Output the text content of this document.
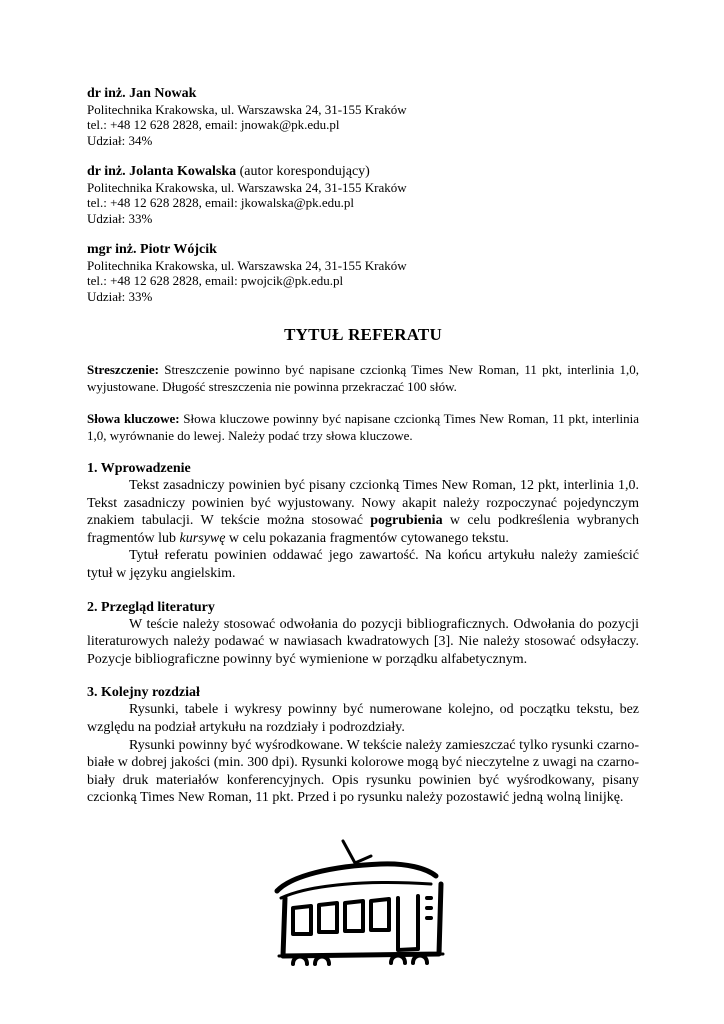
dr inż. Jan Nowak
Politechnika Krakowska, ul. Warszawska 24, 31-155 Kraków
tel.: +48 12 628 2828, email: jnowak@pk.edu.pl
Udział: 34%
dr inż. Jolanta Kowalska (autor korespondujący)
Politechnika Krakowska, ul. Warszawska 24, 31-155 Kraków
tel.: +48 12 628 2828, email: jkowalska@pk.edu.pl
Udział: 33%
mgr inż. Piotr Wójcik
Politechnika Krakowska, ul. Warszawska 24, 31-155 Kraków
tel.: +48 12 628 2828, email: pwojcik@pk.edu.pl
Udział: 33%
TYTUŁ REFERATU
Streszczenie: Streszczenie powinno być napisane czcionką Times New Roman, 11 pkt, interlinia 1,0, wyjustowane. Długość streszczenia nie powinna przekraczać 100 słów.
Słowa kluczowe: Słowa kluczowe powinny być napisane czcionką Times New Roman, 11 pkt, interlinia 1,0, wyrównanie do lewej. Należy podać trzy słowa kluczowe.
1. Wprowadzenie

Tekst zasadniczy powinien być pisany czcionką Times New Roman, 12 pkt, interlinia 1,0. Tekst zasadniczy powinien być wyjustowany. Nowy akapit należy rozpoczynać pojedynczym znakiem tabulacji. W tekście można stosować pogrubienia w celu podkreślenia wybranych fragmentów lub kursywę w celu pokazania fragmentów cytowanego tekstu.

Tytuł referatu powinien oddawać jego zawartość. Na końcu artykułu należy zamieścić tytuł w języku angielskim.

2. Przegląd literatury

W teście należy stosować odwołania do pozycji bibliograficznych. Odwołania do pozycji literaturowych należy podawać w nawiasach kwadratowych [3]. Nie należy stosować odsyłaczy. Pozycje bibliograficzne powinny być wymienione w porządku alfabetycznym.

3. Kolejny rozdział

Rysunki, tabele i wykresy powinny być numerowane kolejno, od początku tekstu, bez względu na podział artykułu na rozdziały i podrozdziały.

Rysunki powinny być wyśrodkowane. W tekście należy zamieszczać tylko rysunki czarno-białe w dobrej jakości (min. 300 dpi). Rysunki kolorowe mogą być nieczytelne z uwagi na czarno-biały druk materiałów konferencyjnych. Opis rysunku powinien być wyśrodkowany, pisany czcionką Times New Roman, 11 pkt. Przed i po rysunku należy pozostawić jedną wolną linijkę.
